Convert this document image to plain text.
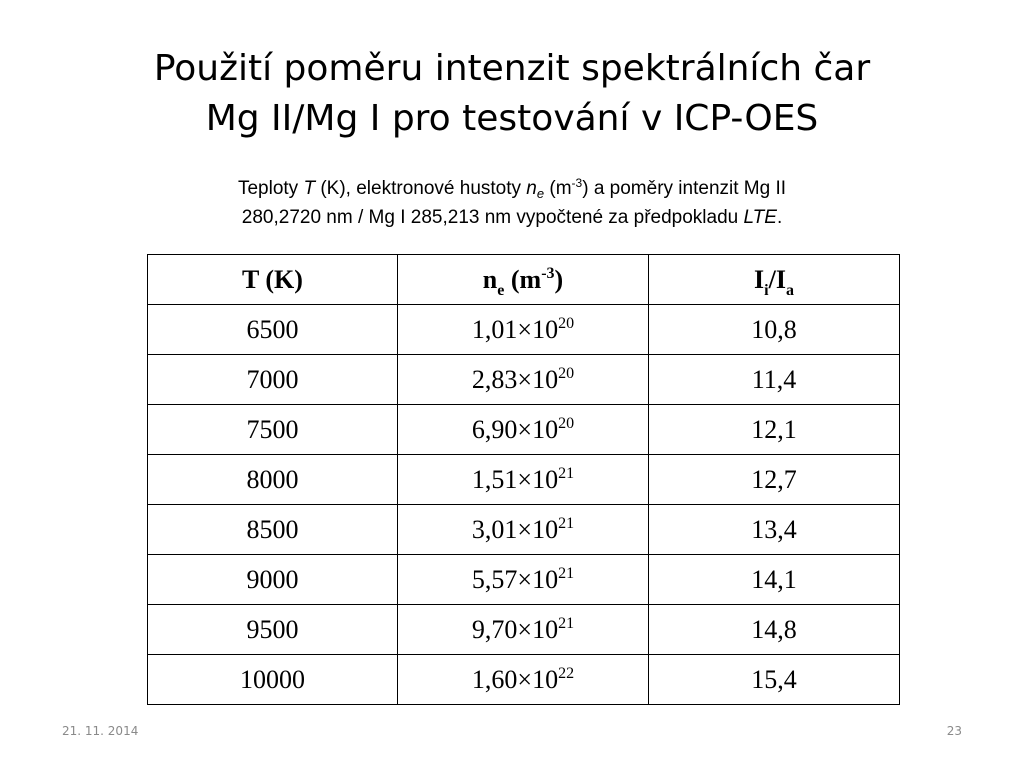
Použití poměru intenzit spektrálních čar
Mg II/Mg I pro testování v ICP-OES
Teploty T (K), elektronové hustoty $n_e$ $(m^{-3})$ a poměry intenzit Mg II
280,2720 nm / Mg I 285,213 nm vypočtené za předpokladu LTE.
T (K)	$n_e$ $(m^{-3})$	$I_i/I_a$
6500	$1,01\times 10^{20}$	10,8
7000	$2,83\times 10^{20}$	11,4
7500	$6,90\times 10^{20}$	12,1
8000	$1,51\times 10^{21}$	12,7
8500	$3,01\times 10^{21}$	13,4
9000	$5,57\times 10^{21}$	14,1
9500	$9,70\times 10^{21}$	14,8
10000	$1,60\times 10^{22}$	15,4
21. 11. 2014	23
